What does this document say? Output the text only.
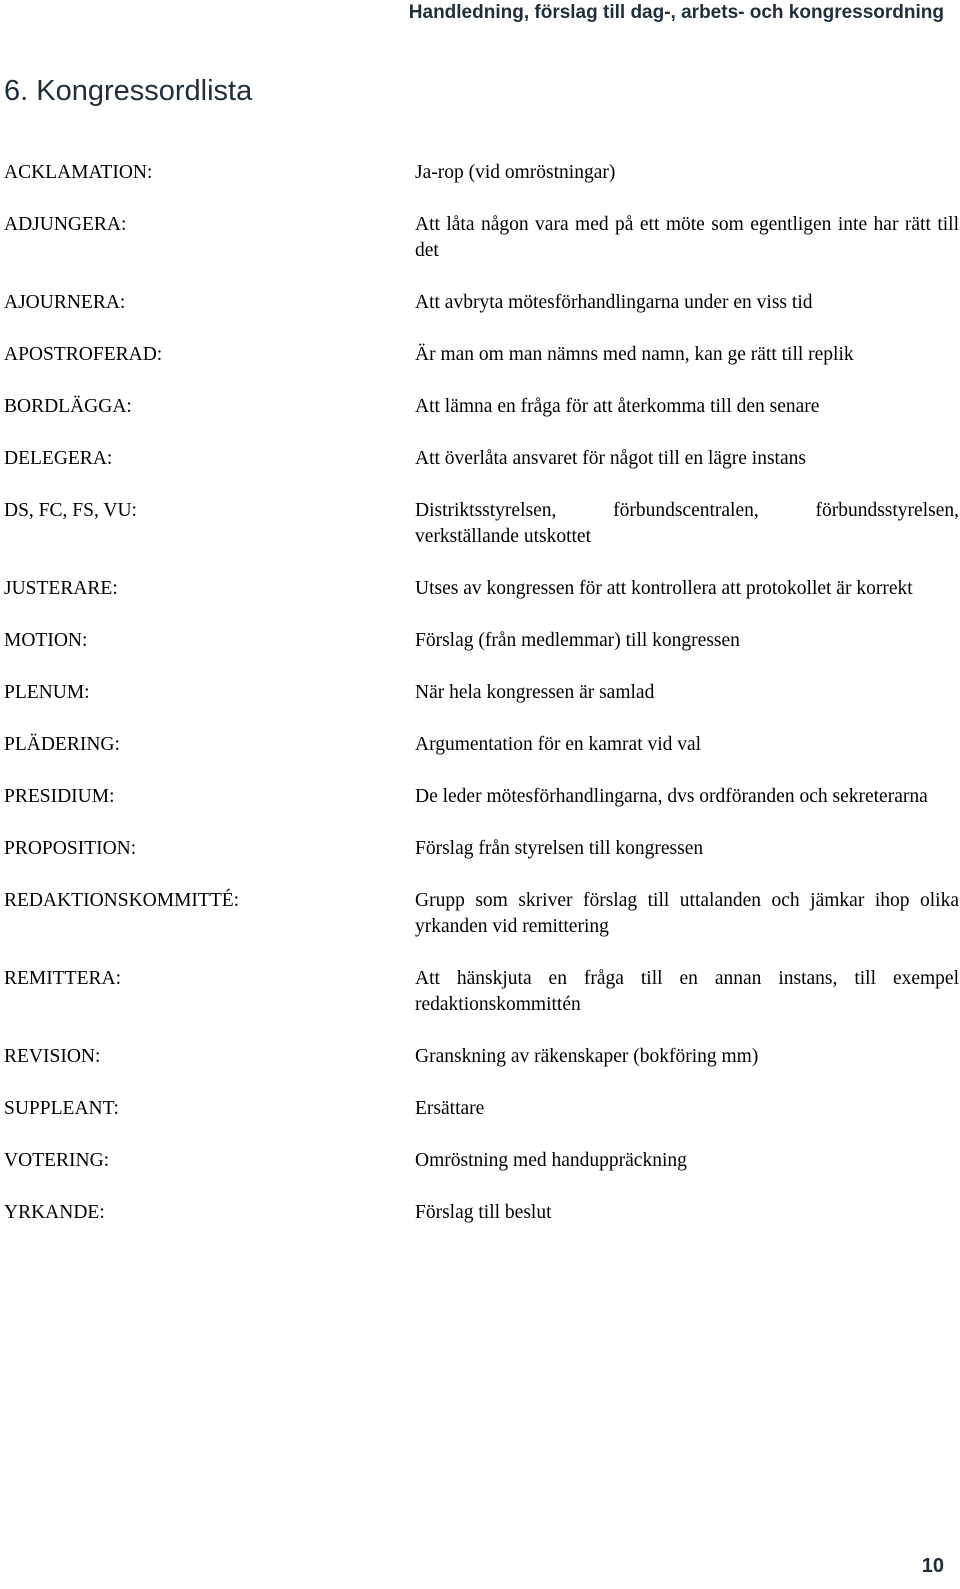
Handledning, förslag till dag-, arbets- och kongressordning
6. Kongressordlista
ACKLAMATION:	Ja-rop (vid omröstningar)
ADJUNGERA:	Att låta någon vara med på ett möte som egentligen inte har rätt till det
AJOURNERA:	Att avbryta mötesförhandlingarna under en viss tid
APOSTROFERAD:	Är man om man nämns med namn, kan ge rätt till replik
BORDLÄGGA:	Att lämna en fråga för att återkomma till den senare
DELEGERA:	Att överlåta ansvaret för något till en lägre instans
DS, FC, FS, VU:	Distriktsstyrelsen, förbundscentralen, förbundsstyrelsen, verkställande utskottet
JUSTERARE:	Utses av kongressen för att kontrollera att protokollet är korrekt
MOTION:	Förslag (från medlemmar) till kongressen
PLENUM:	När hela kongressen är samlad
PLÄDERING:	Argumentation för en kamrat vid val
PRESIDIUM:	De leder mötesförhandlingarna, dvs ordföranden och sekreterarna
PROPOSITION:	Förslag från styrelsen till kongressen
REDAKTIONSKOMMITTÉ:	Grupp som skriver förslag till uttalanden och jämkar ihop olika yrkanden vid remittering
REMITTERA:	Att hänskjuta en fråga till en annan instans, till exempel redaktionskommittén
REVISION:	Granskning av räkenskaper (bokföring mm)
SUPPLEANT:	Ersättare
VOTERING:	Omröstning med handuppräckning
YRKANDE:	Förslag till beslut
10
